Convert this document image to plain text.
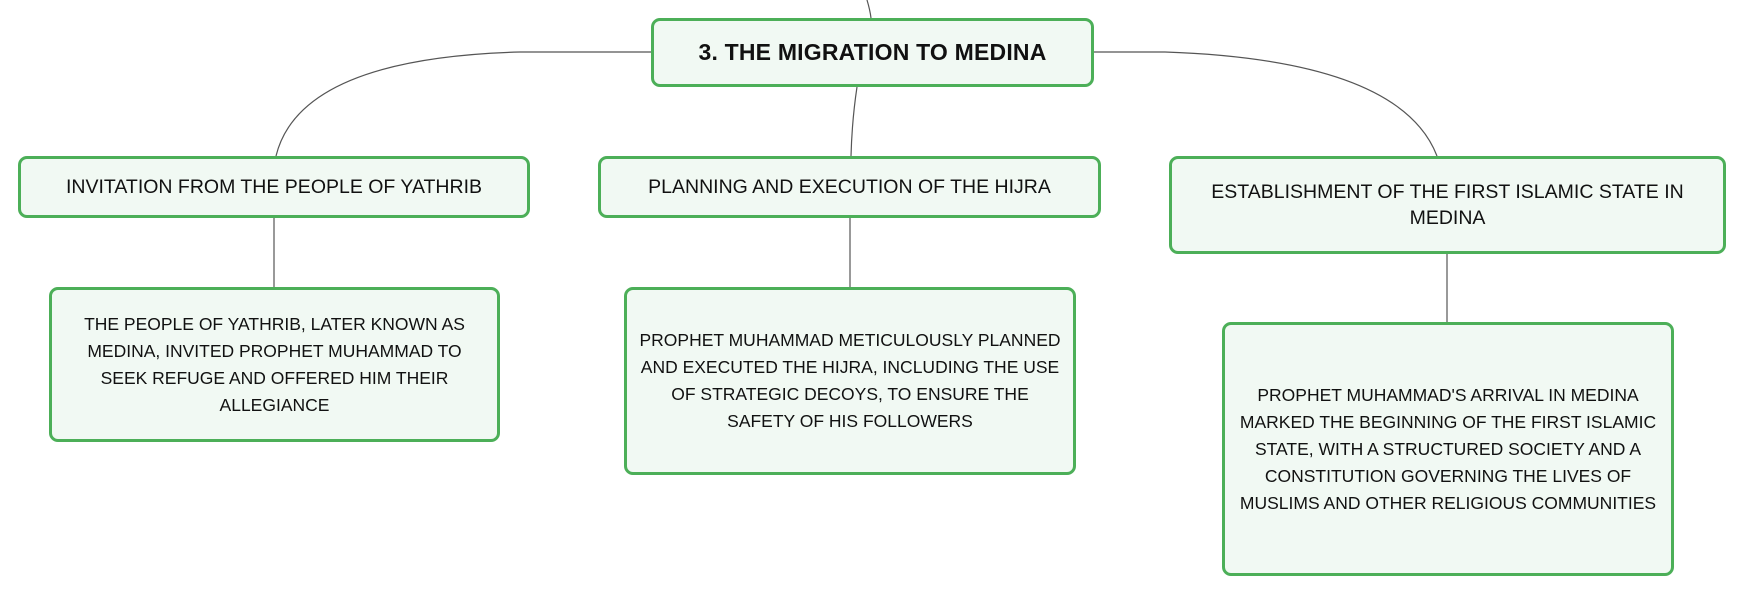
3. THE MIGRATION TO MEDINA
INVITATION FROM THE PEOPLE OF YATHRIB	PLANNING AND EXECUTION OF THE HIJRA	ESTABLISHMENT OF THE FIRST ISLAMIC STATE IN MEDINA
THE PEOPLE OF YATHRIB, LATER KNOWN AS MEDINA, INVITED PROPHET MUHAMMAD TO SEEK REFUGE AND OFFERED HIM THEIR ALLEGIANCE
PROPHET MUHAMMAD METICULOUSLY PLANNED AND EXECUTED THE HIJRA, INCLUDING THE USE OF STRATEGIC DECOYS, TO ENSURE THE SAFETY OF HIS FOLLOWERS
PROPHET MUHAMMAD'S ARRIVAL IN MEDINA MARKED THE BEGINNING OF THE FIRST ISLAMIC STATE, WITH A STRUCTURED SOCIETY AND A CONSTITUTION GOVERNING THE LIVES OF MUSLIMS AND OTHER RELIGIOUS COMMUNITIES
